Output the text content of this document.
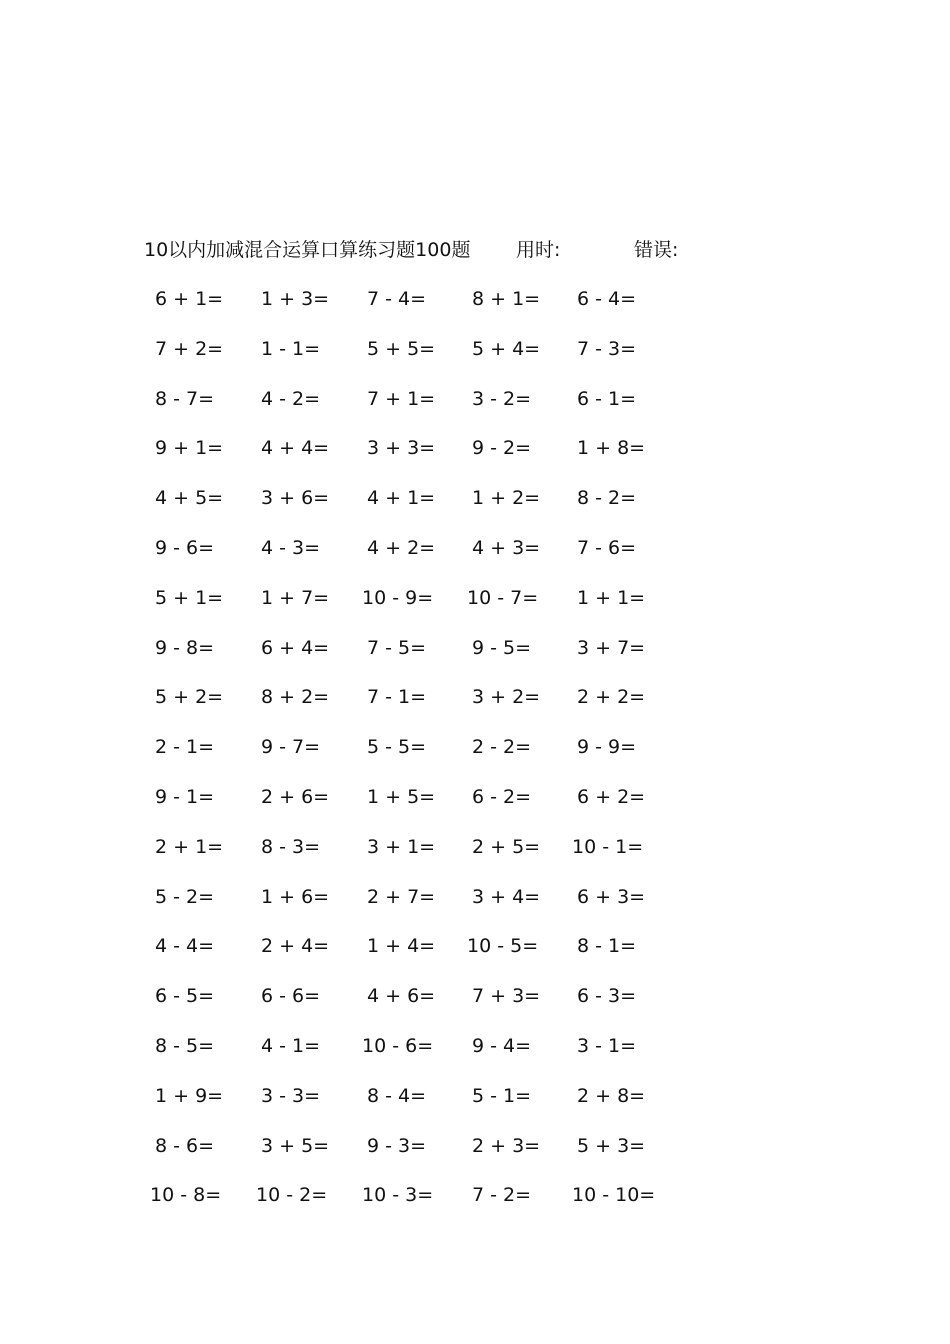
10以内加减混合运算口算练习题100题 用时:	错误:
6 + 1= 1 + 3= 7 - 4= 8 + 1= 6 - 4=
7 + 2= 1 - 1= 5 + 5= 5 + 4= 7 - 3=
8 - 7= 4 - 2= 7 + 1= 3 - 2= 6 - 1=
9 + 1= 4 + 4= 3 + 3= 9 - 2= 1 + 8=
4 + 5= 3 + 6= 4 + 1= 1 + 2= 8 - 2=
9 - 6= 4 - 3= 4 + 2= 4 + 3= 7 - 6=
5 + 1= 1 + 7= 10 - 9= 10 - 7= 1 + 1=
9 - 8= 6 + 4= 7 - 5= 9 - 5= 3 + 7=
5 + 2= 8 + 2= 7 - 1= 3 + 2= 2 + 2=
2 - 1= 9 - 7= 5 - 5= 2 - 2= 9 - 9=
9 - 1= 2 + 6= 1 + 5= 6 - 2= 6 + 2=
2 + 1= 8 - 3= 3 + 1= 2 + 5= 10 - 1=
5 - 2= 1 + 6= 2 + 7= 3 + 4= 6 + 3=
4 - 4= 2 + 4= 1 + 4= 10 - 5= 8 - 1=
6 - 5= 6 - 6= 4 + 6= 7 + 3= 6 - 3=
8 - 5= 4 - 1= 10 - 6= 9 - 4= 3 - 1=
1 + 9= 3 - 3= 8 - 4= 5 - 1= 2 + 8=
8 - 6= 3 + 5= 9 - 3= 2 + 3= 5 + 3=
10 - 8= 10 - 2= 10 - 3= 7 - 2= 10 - 10=
